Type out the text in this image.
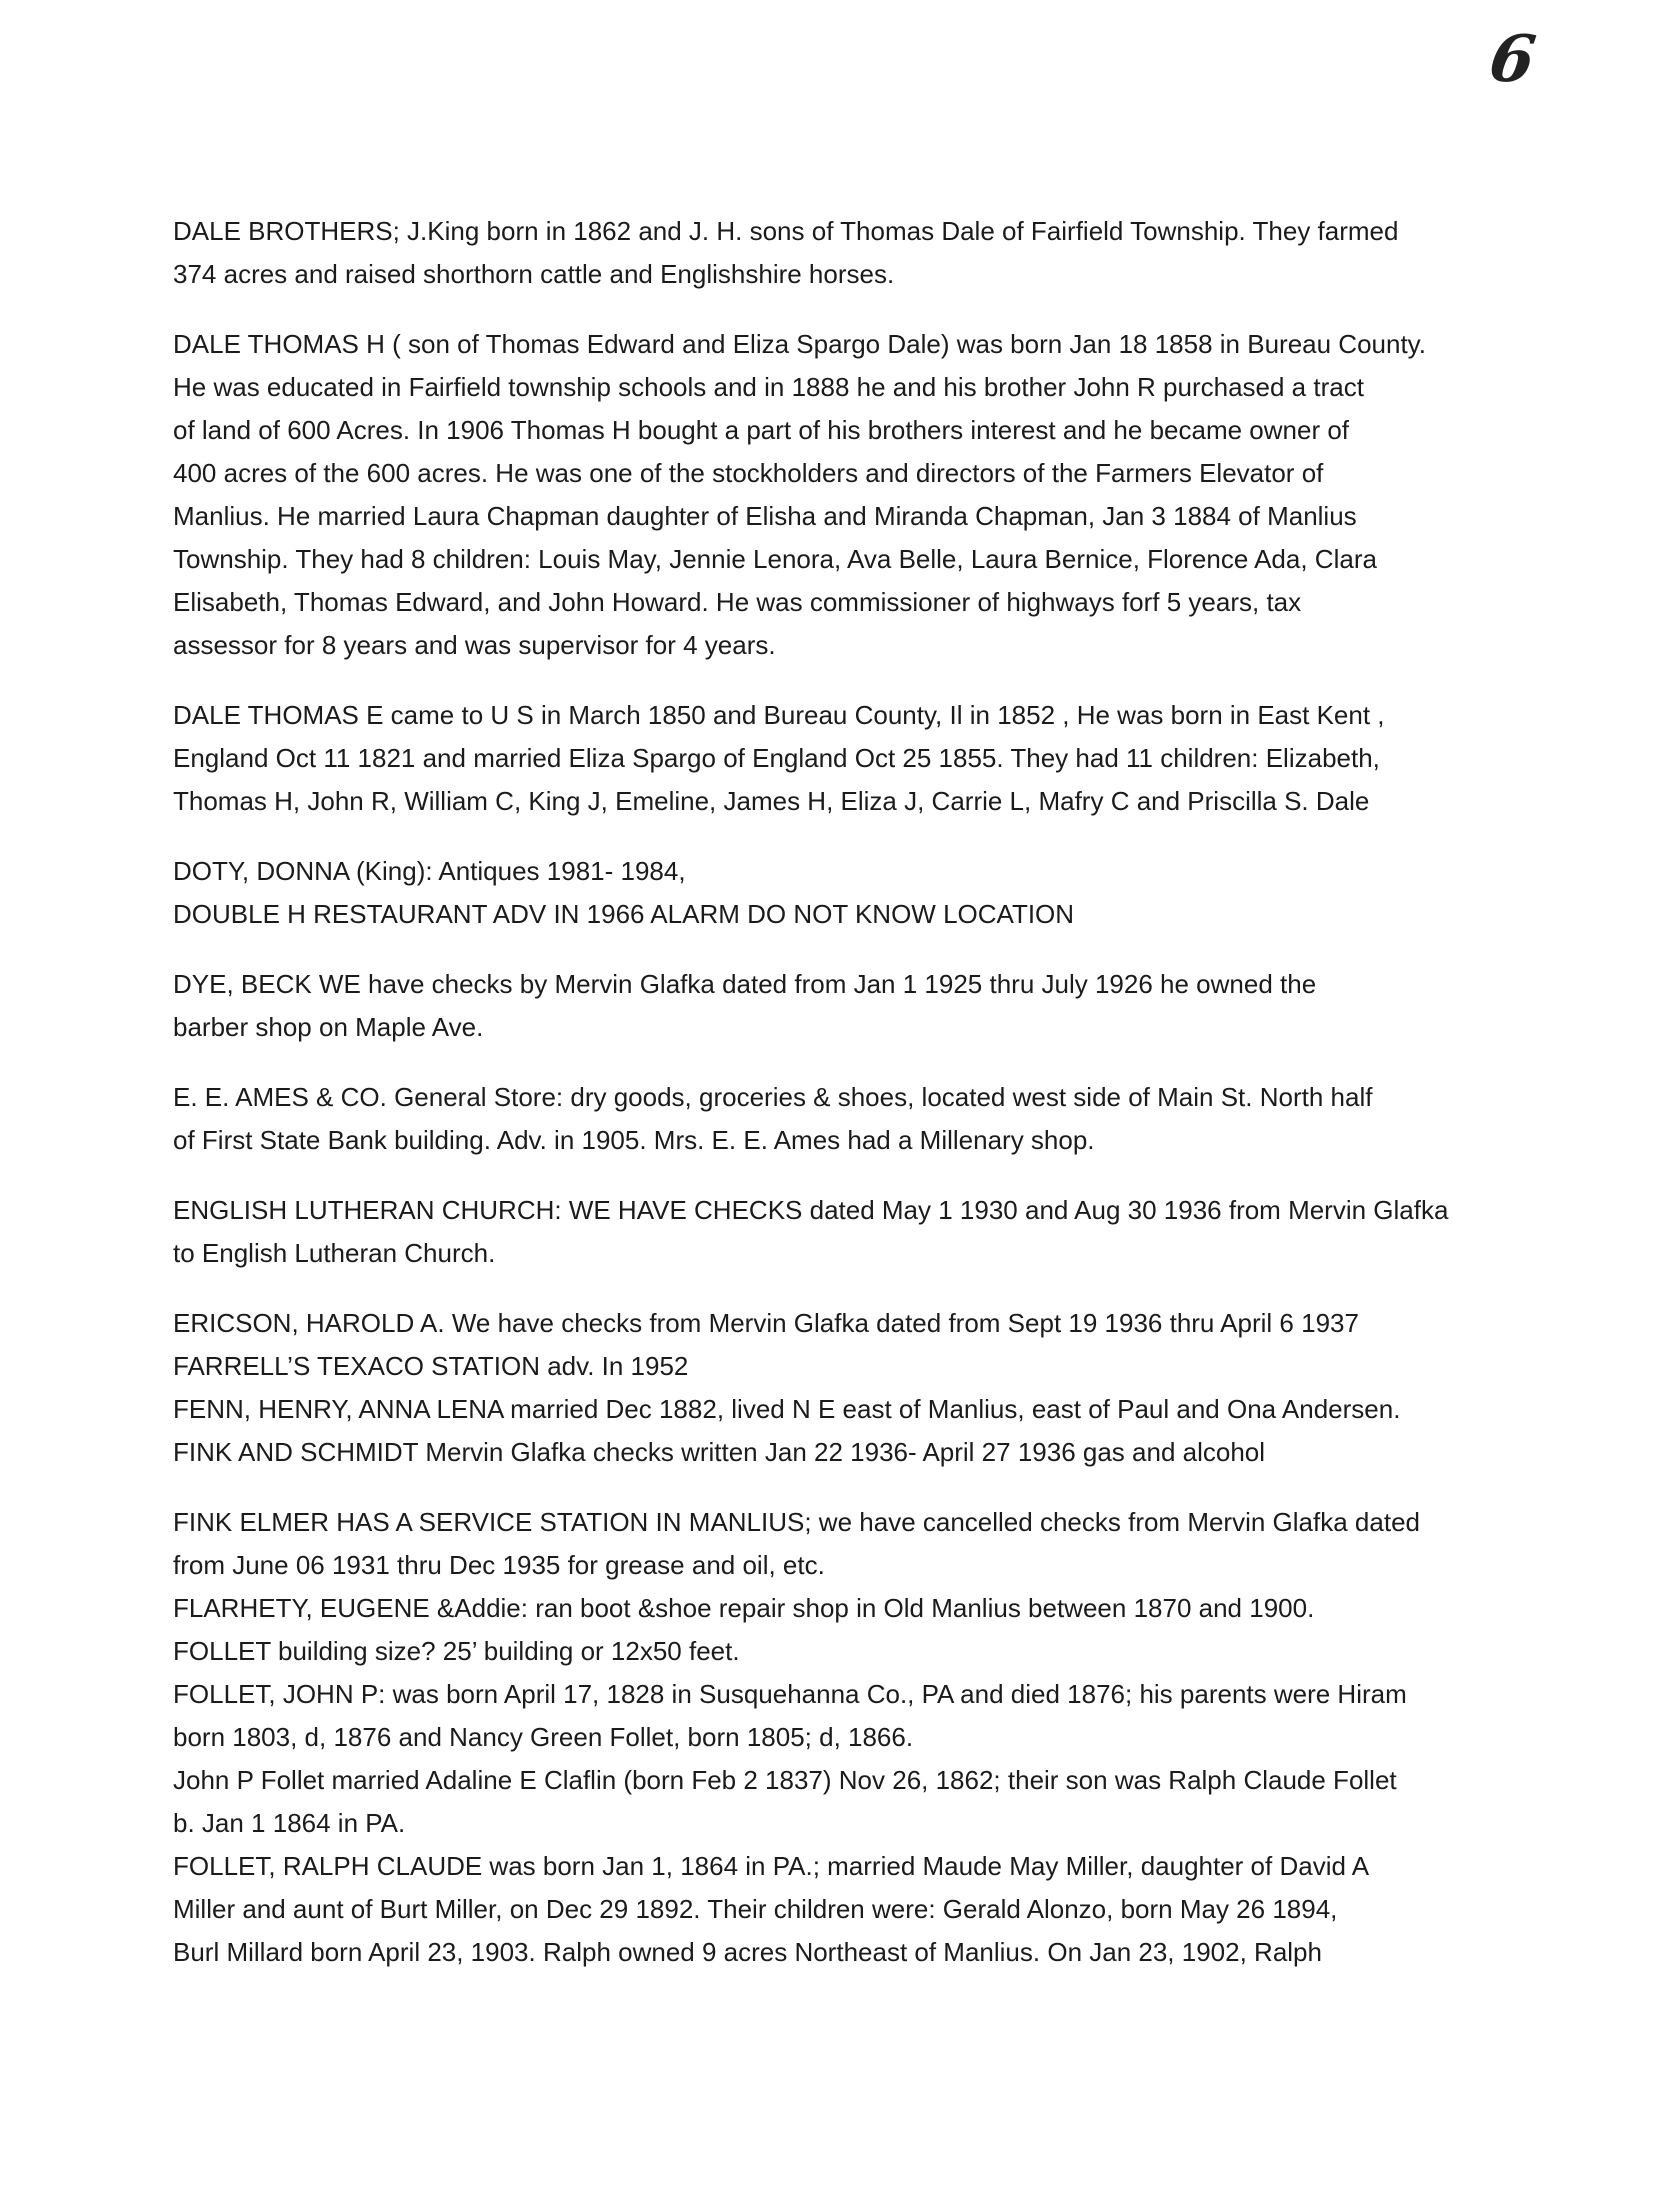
6
DALE BROTHERS; J.King born in 1862 and J. H. sons of Thomas Dale of Fairfield Township. They farmed
374 acres and raised shorthorn cattle and Englishshire horses.
DALE THOMAS H ( son of Thomas Edward and Eliza Spargo Dale) was born Jan 18 1858 in Bureau County.
He was educated in Fairfield township schools and in 1888 he and his brother John R purchased a tract
of land of 600 Acres. In 1906 Thomas H bought a part of his brothers interest and he became owner of
400 acres of the 600 acres. He was one of the stockholders and directors of the Farmers Elevator of
Manlius. He married Laura Chapman daughter of Elisha and Miranda Chapman, Jan 3 1884 of Manlius
Township. They had 8 children: Louis May, Jennie Lenora, Ava Belle, Laura Bernice, Florence Ada, Clara
Elisabeth, Thomas Edward, and John Howard. He was commissioner of highways forf 5 years, tax
assessor for 8 years and was supervisor for 4 years.
DALE THOMAS E came to U S in March 1850 and Bureau County, Il in 1852 , He was born in East Kent ,
England Oct 11 1821 and married Eliza Spargo of England Oct 25 1855. They had 11 children: Elizabeth,
Thomas H, John R, William C, King J, Emeline, James H, Eliza J, Carrie L, Mafry C and Priscilla S. Dale
DOTY, DONNA (King): Antiques 1981- 1984,
DOUBLE H RESTAURANT ADV IN 1966 ALARM DO NOT KNOW LOCATION
DYE, BECK WE have checks by Mervin Glafka dated from Jan 1 1925 thru July 1926 he owned the
barber shop on Maple Ave.
E. E. AMES & CO. General Store: dry goods, groceries & shoes, located west side of Main St. North half
of First State Bank building. Adv. in 1905. Mrs. E. E. Ames had a Millenary shop.
ENGLISH LUTHERAN CHURCH: WE HAVE CHECKS dated May 1 1930 and Aug 30 1936 from Mervin Glafka
to English Lutheran Church.
ERICSON, HAROLD A. We have checks from Mervin Glafka dated from Sept 19 1936 thru April 6 1937
FARRELL’S TEXACO STATION adv. In 1952
FENN, HENRY, ANNA LENA married Dec 1882, lived N E east of Manlius, east of Paul and Ona Andersen.
FINK AND SCHMIDT Mervin Glafka checks written Jan 22 1936- April 27 1936 gas and alcohol
FINK ELMER HAS A SERVICE STATION IN MANLIUS; we have cancelled checks from Mervin Glafka dated
from June 06 1931 thru Dec 1935 for grease and oil, etc.
FLARHETY, EUGENE &Addie: ran boot &shoe repair shop in Old Manlius between 1870 and 1900.
FOLLET building size? 25’ building or 12x50 feet.
FOLLET, JOHN P: was born April 17, 1828 in Susquehanna Co., PA and died 1876; his parents were Hiram
born 1803, d, 1876 and Nancy Green Follet, born 1805; d, 1866.
John P Follet married Adaline E Claflin (born Feb 2 1837) Nov 26, 1862; their son was Ralph Claude Follet
b. Jan 1 1864 in PA.
FOLLET, RALPH CLAUDE was born Jan 1, 1864 in PA.; married Maude May Miller, daughter of David A
Miller and aunt of Burt Miller, on Dec 29 1892. Their children were: Gerald Alonzo, born May 26 1894,
Burl Millard born April 23, 1903. Ralph owned 9 acres Northeast of Manlius. On Jan 23, 1902, Ralph
